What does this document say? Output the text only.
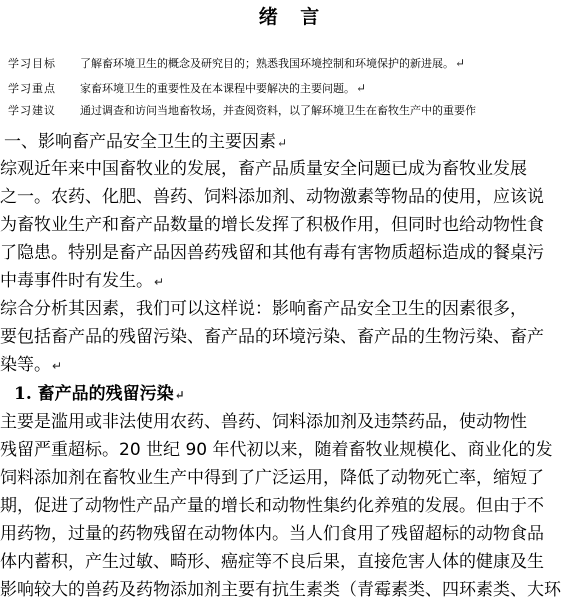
绪 言
学习目标 了解畜环境卫生的概念及研究目的；熟悉我国环境控制和环境保护的新进展。↵
学习重点 家畜环境卫生的重要性及在本课程中要解决的主要问题。↵
学习建议 通过调查和访问当地畜牧场，并查阅资料，以了解环境卫生在畜牧生产中的重要作
一、影响畜产品安全卫生的主要因素↵
综观近年来中国畜牧业的发展，畜产品质量安全问题已成为畜牧业发展
之一。农药、化肥、兽药、饲料添加剂、动物激素等物品的使用，应该说
为畜牧业生产和畜产品数量的增长发挥了积极作用，但同时也给动物性食
了隐患。特别是畜产品因兽药残留和其他有毒有害物质超标造成的餐桌污
中毒事件时有发生。↵
综合分析其因素，我们可以这样说：影响畜产品安全卫生的因素很多，
要包括畜产品的残留污染、畜产品的环境污染、畜产品的生物污染、畜产
染等。↵
1. 畜产品的残留污染↵
主要是滥用或非法使用农药、兽药、饲料添加剂及违禁药品，使动物性
残留严重超标。20 世纪 90 年代初以来，随着畜牧业规模化、商业化的发
饲料添加剂在畜牧业生产中得到了广泛运用，降低了动物死亡率，缩短了
期，促进了动物性产品产量的增长和动物性集约化养殖的发展。但由于不
用药物，过量的药物残留在动物体内。当人们食用了残留超标的动物食品
体内蓄积，产生过敏、畸形、癌症等不良后果，直接危害人体的健康及生
影响较大的兽药及药物添加剂主要有抗生素类（青霉素类、四环素类、大环
